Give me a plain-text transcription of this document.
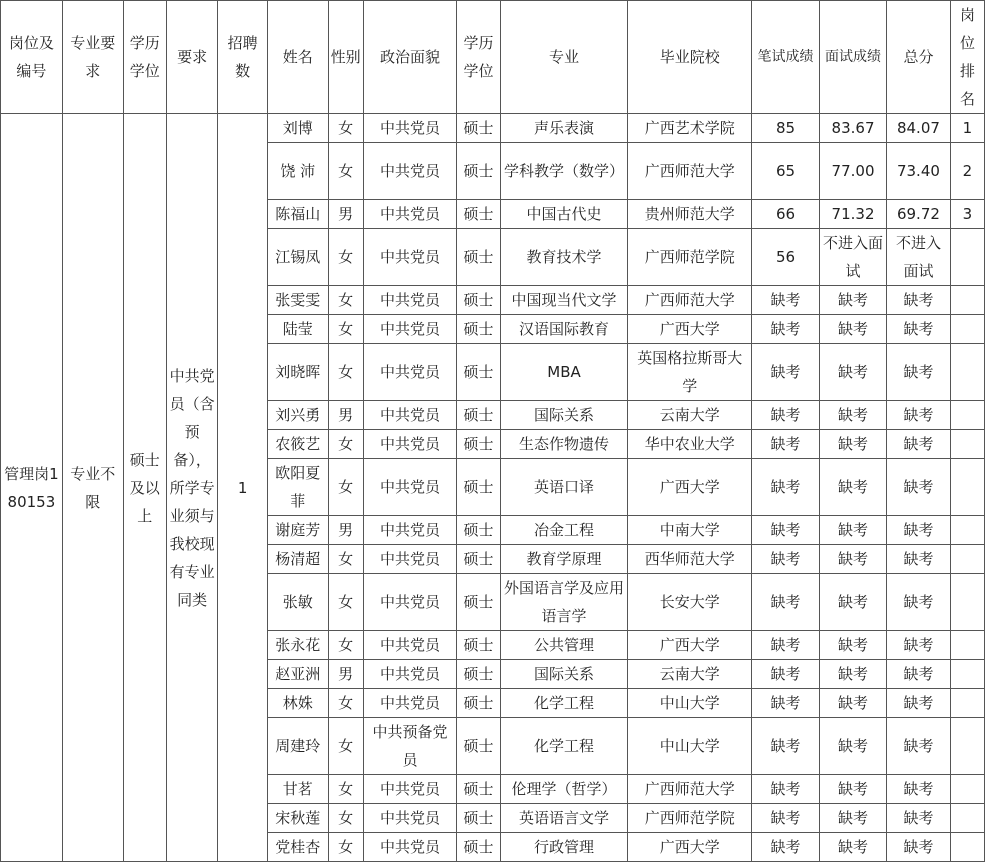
岗位及编号	专业要求	学历学位	要求	招聘数	姓名	性别	政治面貌	学历学位	专业	毕业院校	笔试成绩	面试成绩	总分	岗位排名
管理岗180153	专业不限	硕士及以上	中共党员（含预备），所学专业须与我校现有专业同类	1	刘博	女	中共党员	硕士	声乐表演	广西艺术学院	85	83.67	84.07	1
					饶 沛	女	中共党员	硕士	学科教学（数学）	广西师范大学	65	77.00	73.40	2
					陈福山	男	中共党员	硕士	中国古代史	贵州师范大学	66	71.32	69.72	3
					江锡凤	女	中共党员	硕士	教育技术学	广西师范学院	56	不进入面试	不进入面试	
					张雯雯	女	中共党员	硕士	中国现当代文学	广西师范大学	缺考	缺考	缺考	
					陆莹	女	中共党员	硕士	汉语国际教育	广西大学	缺考	缺考	缺考	
					刘晓晖	女	中共党员	硕士	MBA	英国格拉斯哥大学	缺考	缺考	缺考	
					刘兴勇	男	中共党员	硕士	国际关系	云南大学	缺考	缺考	缺考	
					农筱艺	女	中共党员	硕士	生态作物遗传	华中农业大学	缺考	缺考	缺考	
					欧阳夏菲	女	中共党员	硕士	英语口译	广西大学	缺考	缺考	缺考	
					谢庭芳	男	中共党员	硕士	冶金工程	中南大学	缺考	缺考	缺考	
					杨清超	女	中共党员	硕士	教育学原理	西华师范大学	缺考	缺考	缺考	
					张敏	女	中共党员	硕士	外国语言学及应用语言学	长安大学	缺考	缺考	缺考	
					张永花	女	中共党员	硕士	公共管理	广西大学	缺考	缺考	缺考	
					赵亚洲	男	中共党员	硕士	国际关系	云南大学	缺考	缺考	缺考	
					林姝	女	中共党员	硕士	化学工程	中山大学	缺考	缺考	缺考	
					周建玲	女	中共预备党员	硕士	化学工程	中山大学	缺考	缺考	缺考	
					甘茗	女	中共党员	硕士	伦理学（哲学）	广西师范大学	缺考	缺考	缺考	
					宋秋莲	女	中共党员	硕士	英语语言文学	广西师范学院	缺考	缺考	缺考	
					党桂杏	女	中共党员	硕士	行政管理	广西大学	缺考	缺考	缺考	
